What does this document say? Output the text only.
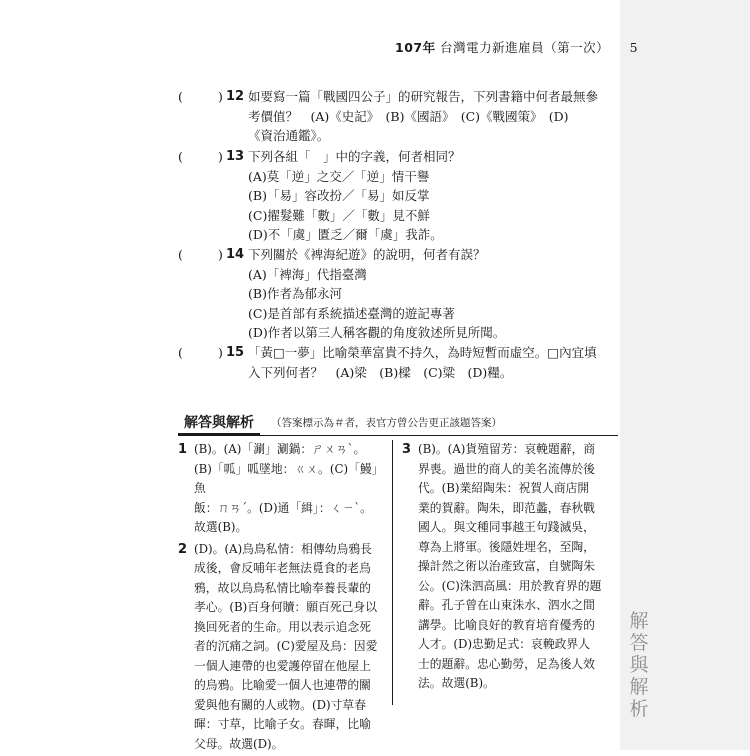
解
答
與
解
析
107年 台灣電力新進雇員（第一次） 5
(	) 12 如要寫一篇「戰國四公子」的研究報告，下列書籍中何者最無參
考價值？　(A)《史記》　(B)《國語》　(C)《戰國策》　(D)
《資治通鑑》。
(	) 13 下列各組「　」中的字義，何者相同？
(A)莫「逆」之交／「逆」情干譽
(B)「易」容改扮／「易」如反掌
(C)擢髮難「數」／「數」見不鮮
(D)不「虞」匱乏／爾「虞」我詐。
(	) 14 下列關於《裨海紀遊》的說明，何者有誤？
(A)「裨海」代指臺灣
(B)作者為郁永河
(C)是首部有系統描述臺灣的遊記專著
(D)作者以第三人稱客觀的角度敘述所見所聞。
(	) 15 「黃□一夢」比喻榮華富貴不持久，為時短暫而虛空。□內宜填
入下列何者？　(A)梁　(B)樑　(C)粱　(D)糧。
解答與解析	（答案標示為＃者，表官方曾公告更正該題答案）
1 (B)。(A)「涮」涮鍋：ㄕㄨㄢˋ。
(B)「呱」呱墜地：ㄍㄨ。(C)「鰻」魚
飯：ㄇㄢˊ。(D)通「緝」：ㄑㄧˋ。
故選(B)。
2 (D)。(A)烏鳥私情：相傳幼烏鴉長
成後，會反哺年老無法覓食的老烏
鴉，故以烏鳥私情比喻奉養長輩的
孝心。(B)百身何贖：願百死己身以
換回死者的生命。用以表示追念死
者的沉痛之詞。(C)愛屋及烏：因愛
一個人連帶的也愛護停留在他屋上
的烏鴉。比喻愛一個人也連帶的關
愛與他有關的人或物。(D)寸草春
暉：寸草，比喻子女。春暉，比喻
父母。故選(D)。
3 (B)。(A)貨殖留芳：哀輓題辭，商
界喪。過世的商人的美名流傳於後
代。(B)業紹陶朱：祝賀人商店開
業的賀辭。陶朱，即范蠡，春秋戰
國人。與文種同事越王句踐滅吳，
尊為上將軍。後隱姓埋名，至陶，
操計然之術以治產致富，自號陶朱
公。(C)洙泗高風：用於教育界的題
辭。孔子曾在山東洙水、泗水之間
講學。比喻良好的教育培育優秀的
人才。(D)忠勤足式：哀輓政界人
士的題辭。忠心勤勞，足為後人效
法。故選(B)。
